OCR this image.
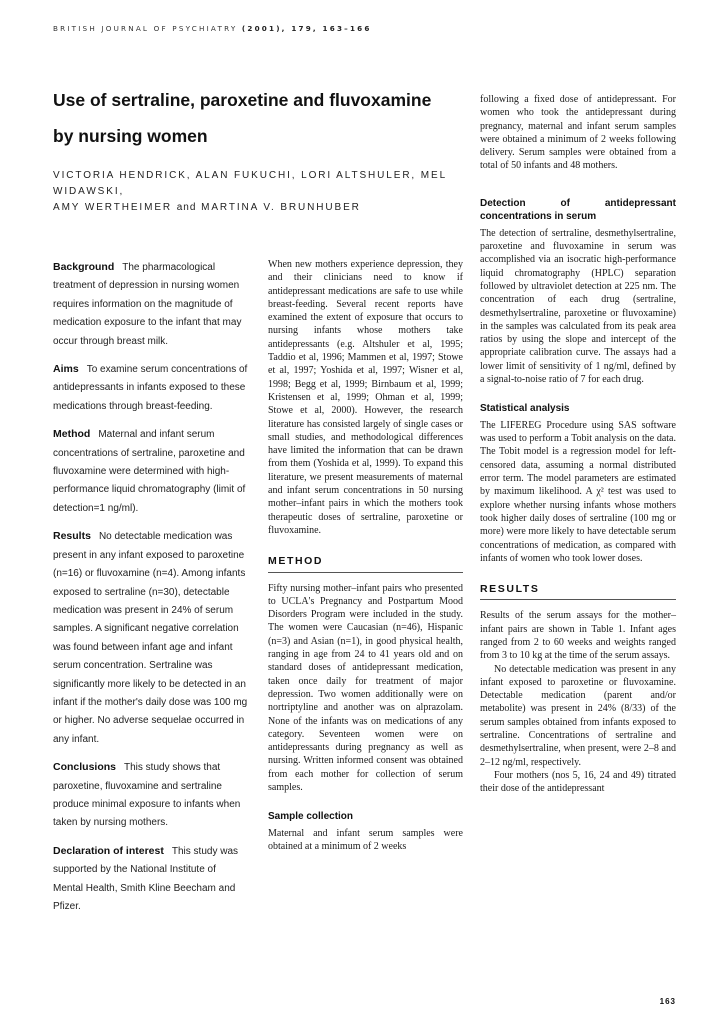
BRITISH JOURNAL OF PSYCHIATRY (2001), 179, 163–166
Use of sertraline, paroxetine and fluvoxamine
by nursing women
VICTORIA HENDRICK, ALAN FUKUCHI, LORI ALTSHULER, MEL WIDAWSKI,
AMY WERTHEIMER and MARTINA V. BRUNHUBER

Background The pharmacological treatment of depression in nursing women requires information on the magnitude of medication exposure to the infant that may occur through breast milk.

Aims To examine serum concentrations of antidepressants in infants exposed to these medications through breast-feeding.

Method Maternal and infant serum concentrations of sertraline, paroxetine and fluvoxamine were determined with high-performance liquid chromatography (limit of detection=1 ng/ml).

Results No detectable medication was present in any infant exposed to paroxetine (n=16) or fluvoxamine (n=4). Among infants exposed to sertraline (n=30), detectable medication was present in 24% of serum samples. A significant negative correlation was found between infant age and infant serum concentration. Sertraline was significantly more likely to be detected in an infant if the mother's daily dose was 100 mg or higher. No adverse sequelae occurred in any infant.

Conclusions This study shows that paroxetine, fluvoxamine and sertraline produce minimal exposure to infants when taken by nursing mothers.

Declaration of interest This study was supported by the National Institute of Mental Health, Smith Kline Beecham and Pfizer.

When new mothers experience depression, they and their clinicians need to know if antidepressant medications are safe to use while breast-feeding. Several recent reports have examined the extent of exposure that occurs to nursing infants whose mothers take antidepressants (e.g. Altshuler et al, 1995; Taddio et al, 1996; Mammen et al, 1997; Stowe et al, 1997; Yoshida et al, 1997; Wisner et al, 1998; Begg et al, 1999; Birnbaum et al, 1999; Kristensen et al, 1999; Ohman et al, 1999; Stowe et al, 2000). However, the research literature has consisted largely of single cases or small studies, and methodological differences have limited the information that can be drawn from them (Yoshida et al, 1999). To expand this literature, we present measurements of maternal and infant serum concentrations in 50 nursing mother–infant pairs in which the mothers took therapeutic doses of sertraline, paroxetine or fluvoxamine.

METHOD

Fifty nursing mother–infant pairs who presented to UCLA's Pregnancy and Postpartum Mood Disorders Program were included in the study. The women were Caucasian (n=46), Hispanic (n=3) and Asian (n=1), in good physical health, ranging in age from 24 to 41 years old and on standard doses of antidepressant medication, taken once daily for treatment of major depression. Two women additionally were on nortriptyline and another was on alprazolam. None of the infants was on medications of any category. Seventeen women were on antidepressants during pregnancy as well as nursing. Written informed consent was obtained from each mother for collection of serum samples.

Sample collection

Maternal and infant serum samples were obtained at a minimum of 2 weeks

following a fixed dose of antidepressant. For women who took the antidepressant during pregnancy, maternal and infant serum samples were obtained a minimum of 2 weeks following delivery. Serum samples were obtained from a total of 50 infants and 48 mothers.

Detection of antidepressant concentrations in serum

The detection of sertraline, desmethylsertraline, paroxetine and fluvoxamine in serum was accomplished via an isocratic high-performance liquid chromatography (HPLC) separation followed by ultraviolet detection at 225 nm. The concentration of each drug (sertraline, desmethylsertraline, paroxetine or fluvoxamine) in the samples was calculated from its peak area ratios by using the slope and intercept of the appropriate calibration curve. The assays had a lower limit of sensitivity of 1 ng/ml, defined by a signal-to-noise ratio of 7 for each drug.

Statistical analysis

The LIFEREG Procedure using SAS software was used to perform a Tobit analysis on the data. The Tobit model is a regression model for left-censored data, assuming a normal distributed error term. The model parameters are estimated by maximum likelihood. A χ² test was used to explore whether nursing infants whose mothers took higher daily doses of sertraline (100 mg or more) were more likely to have detectable serum concentrations of medication, as compared with infants of women who took lower doses.

RESULTS

Results of the serum assays for the mother–infant pairs are shown in Table 1. Infant ages ranged from 2 to 60 weeks and weights ranged from 3 to 10 kg at the time of the serum assays.

No detectable medication was present in any infant exposed to paroxetine or fluvoxamine. Detectable medication (parent and/or metabolite) was present in 24% (8/33) of the serum samples obtained from infants exposed to sertraline. Concentrations of sertraline and desmethylsertraline, when present, were 2–8 and 2–12 ng/ml, respectively.

Four mothers (nos 5, 16, 24 and 49) titrated their dose of the antidepressant

163
